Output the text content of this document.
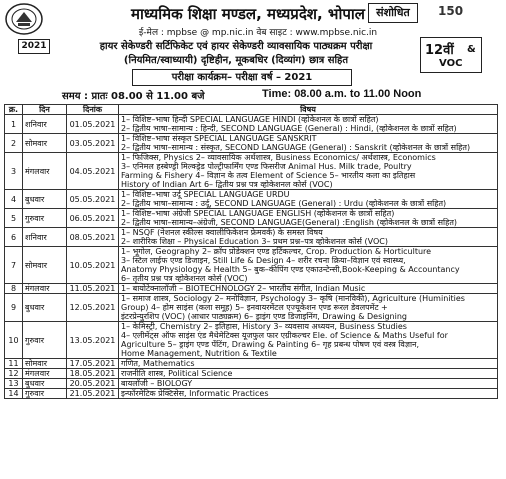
2021
माध्यमिक शिक्षा मण्डल, मध्यप्रदेश, भोपाल	संशोधित	150
ई-मेल : mpbse @ mp.nic.in वेब साइट : www.mpbse.nic.in
हायर सेकेण्डरी सर्टिफिकेट एवं हायर सेकेण्डरी व्यावसायिक पाठ्यक्रम परीक्षा
(नियमित/स्वाध्यायी) दृष्टिहीन, मूकबधिर (दिव्यांग) छात्र सहित
12वीं &
VOC
परीक्षा कार्यक्रम– परीक्षा वर्ष – 2021
समय : प्रातः 08.00 से 11.00 बजे	Time: 08.00 a.m. to 11.00 Noon
क्र.	दिन	दिनांक	विषय
1	शनिवार	01.05.2021	1– विशिष्ट–भाषा हिन्दी SPECIAL LANGUAGE HINDI (व्होकेशनल के छात्रों सहित)
2– द्वितीय भाषा–सामान्य : हिन्दी, SECOND LANGUAGE (General) : Hindi, (व्होकेशनल के छात्रों सहित)

2	सोमवार	03.05.2021	1– विशिष्ट–भाषा संस्कृत SPECIAL LANGUAGE SANSKRIT
2– द्वितीय भाषा–सामान्य : संस्कृत, SECOND LANGUAGE (General) : Sanskrit (व्होकेशनल के छात्रों सहित)

3	मंगलवार	04.05.2021	1– फिजिक्स, Physics 2– व्यावसायिक अर्थशास्त्र, Business Economics/ अर्थशास्त्र, Economics
3– एनिमल हस्बेण्ड्री मिल्क्ड्रेड पोल्ट्रीफार्मिंग एण्ड फिसरीज Animal Hus. Milk trade, Poultry
Farming & Fishery 4– विज्ञान के तत्व Element of Science 5– भारतीय कला का इतिहास
History of Indian Art 6– द्वितीय प्रश्न पत्र व्होकेशनल कोर्स (VOC)

4	बुधवार	05.05.2021	1– विशिष्ट–भाषा उर्दू SPECIAL LANGUAGE URDU
2– द्वितीय भाषा–सामान्य : उर्दू, SECOND LANGUAGE (General) : Urdu (व्होकेशनल के छात्रों सहित)

5	गुरुवार	06.05.2021	1– विशिष्ट–भाषा अंग्रेजी SPECIAL LANGUAGE ENGLISH (व्होकेशनल के छात्रों सहित)
2– द्वितीय भाषा–सामान्य–अंग्रेजी, SECOND LANGUAGE(General) :English (व्होकेशनल के छात्रों सहित)

6	शनिवार	08.05.2021	1– NSQF (नेशनल स्कील्स क्वालीफिकेशन फ्रेमवर्क) के समस्त विषय
2– शारीरिक शिक्षा – Physical Education 3– प्रथम प्रश्न–पत्र व्होकेशनल कोर्स (VOC)

7	सोमवार	10.05.2021	1– भूगोल, Geography 2– क्रॉप प्रोडेक्शन एण्ड हर्टिकल्चर, Crop. Production & Horticulture
3– स्टिल लाईफ एण्ड डिजाइन, Still Life & Design 4– शरीर रचना क्रिया–विज्ञान एवं स्वास्थ्य,
Anatomy Physiology & Health 5– बुक–कीपिंग एण्ड एकाउन्टेन्सी,Book-Keeping & Accountancy
6– तृतीय प्रश्न पत्र व्होकेशनल कोर्स (VOC)

8	मंगलवार	11.05.2021	1– बायोटेक्नालॉजी – BIOTECHNOLOGY 2– भारतीय संगीत, Indian Music

9	बुधवार	12.05.2021	1– समाज शास्त्र, Sociology 2– मनोविज्ञान, Psychology 3– कृषि (मानविकी), Agriculture (Huminities
Group) 4– होम साइंस (कला समूह) 5– इनवायरमेंटल एज्यूकेशन एण्ड रूरल डेवलपमेंट +
इंटरप्रेन्युरशिप (VOC) (आधार पाठ्यक्रम) 6– ड्राइंग एण्ड डिजाइनिंग, Drawing & Designing

10	गुरुवार	13.05.2021	1– केमिस्ट्री, Chemistry 2– इतिहास, History 3– व्यवसाय अध्ययन, Business Studies
4– एलीमेंट्स ऑफ साइंस एंड मैथेमेटिक्स यूजफुल फार एग्रीकल्चर Ele. of Science & Maths Useful for
Agriculture 5– ड्राइंग एण्ड पेंटिंग, Drawing & Painting 6– गृह प्रबन्ध पोषण एवं वस्त्र विज्ञान,
Home Management, Nutrition & Textile

11	सोमवार	17.05.2021	गणित, Mathematics

12	मंगलवार	18.05.2021	राजनीति शास्त्र, Political Science

13	बुधवार	20.05.2021	बायलॉजी – BIOLOGY

14	गुरुवार	21.05.2021	इन्फॉरमेटिक प्रेक्टिसेस, Informatic Practices
